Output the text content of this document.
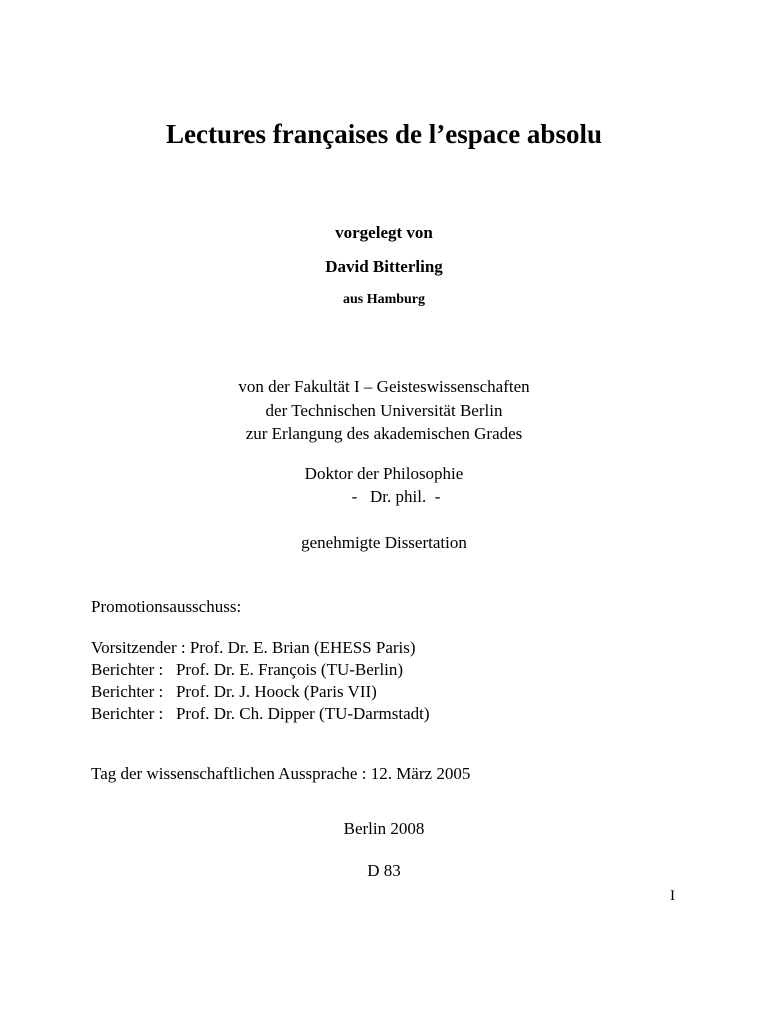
Lectures françaises de l’espace absolu
vorgelegt von
David Bitterling
aus Hamburg
von der Fakultät I – Geisteswissenschaften
der Technischen Universität Berlin
zur Erlangung des akademischen Grades
Doktor der Philosophie
-   Dr. phil.  -
genehmigte Dissertation
Promotionsausschuss:
Vorsitzender : Prof. Dr. E. Brian (EHESS Paris)
Berichter :   Prof. Dr. E. François (TU-Berlin)
Berichter :   Prof. Dr. J. Hoock (Paris VII)
Berichter :   Prof. Dr. Ch. Dipper (TU-Darmstadt)
Tag der wissenschaftlichen Aussprache : 12. März 2005
Berlin 2008
D 83
I
